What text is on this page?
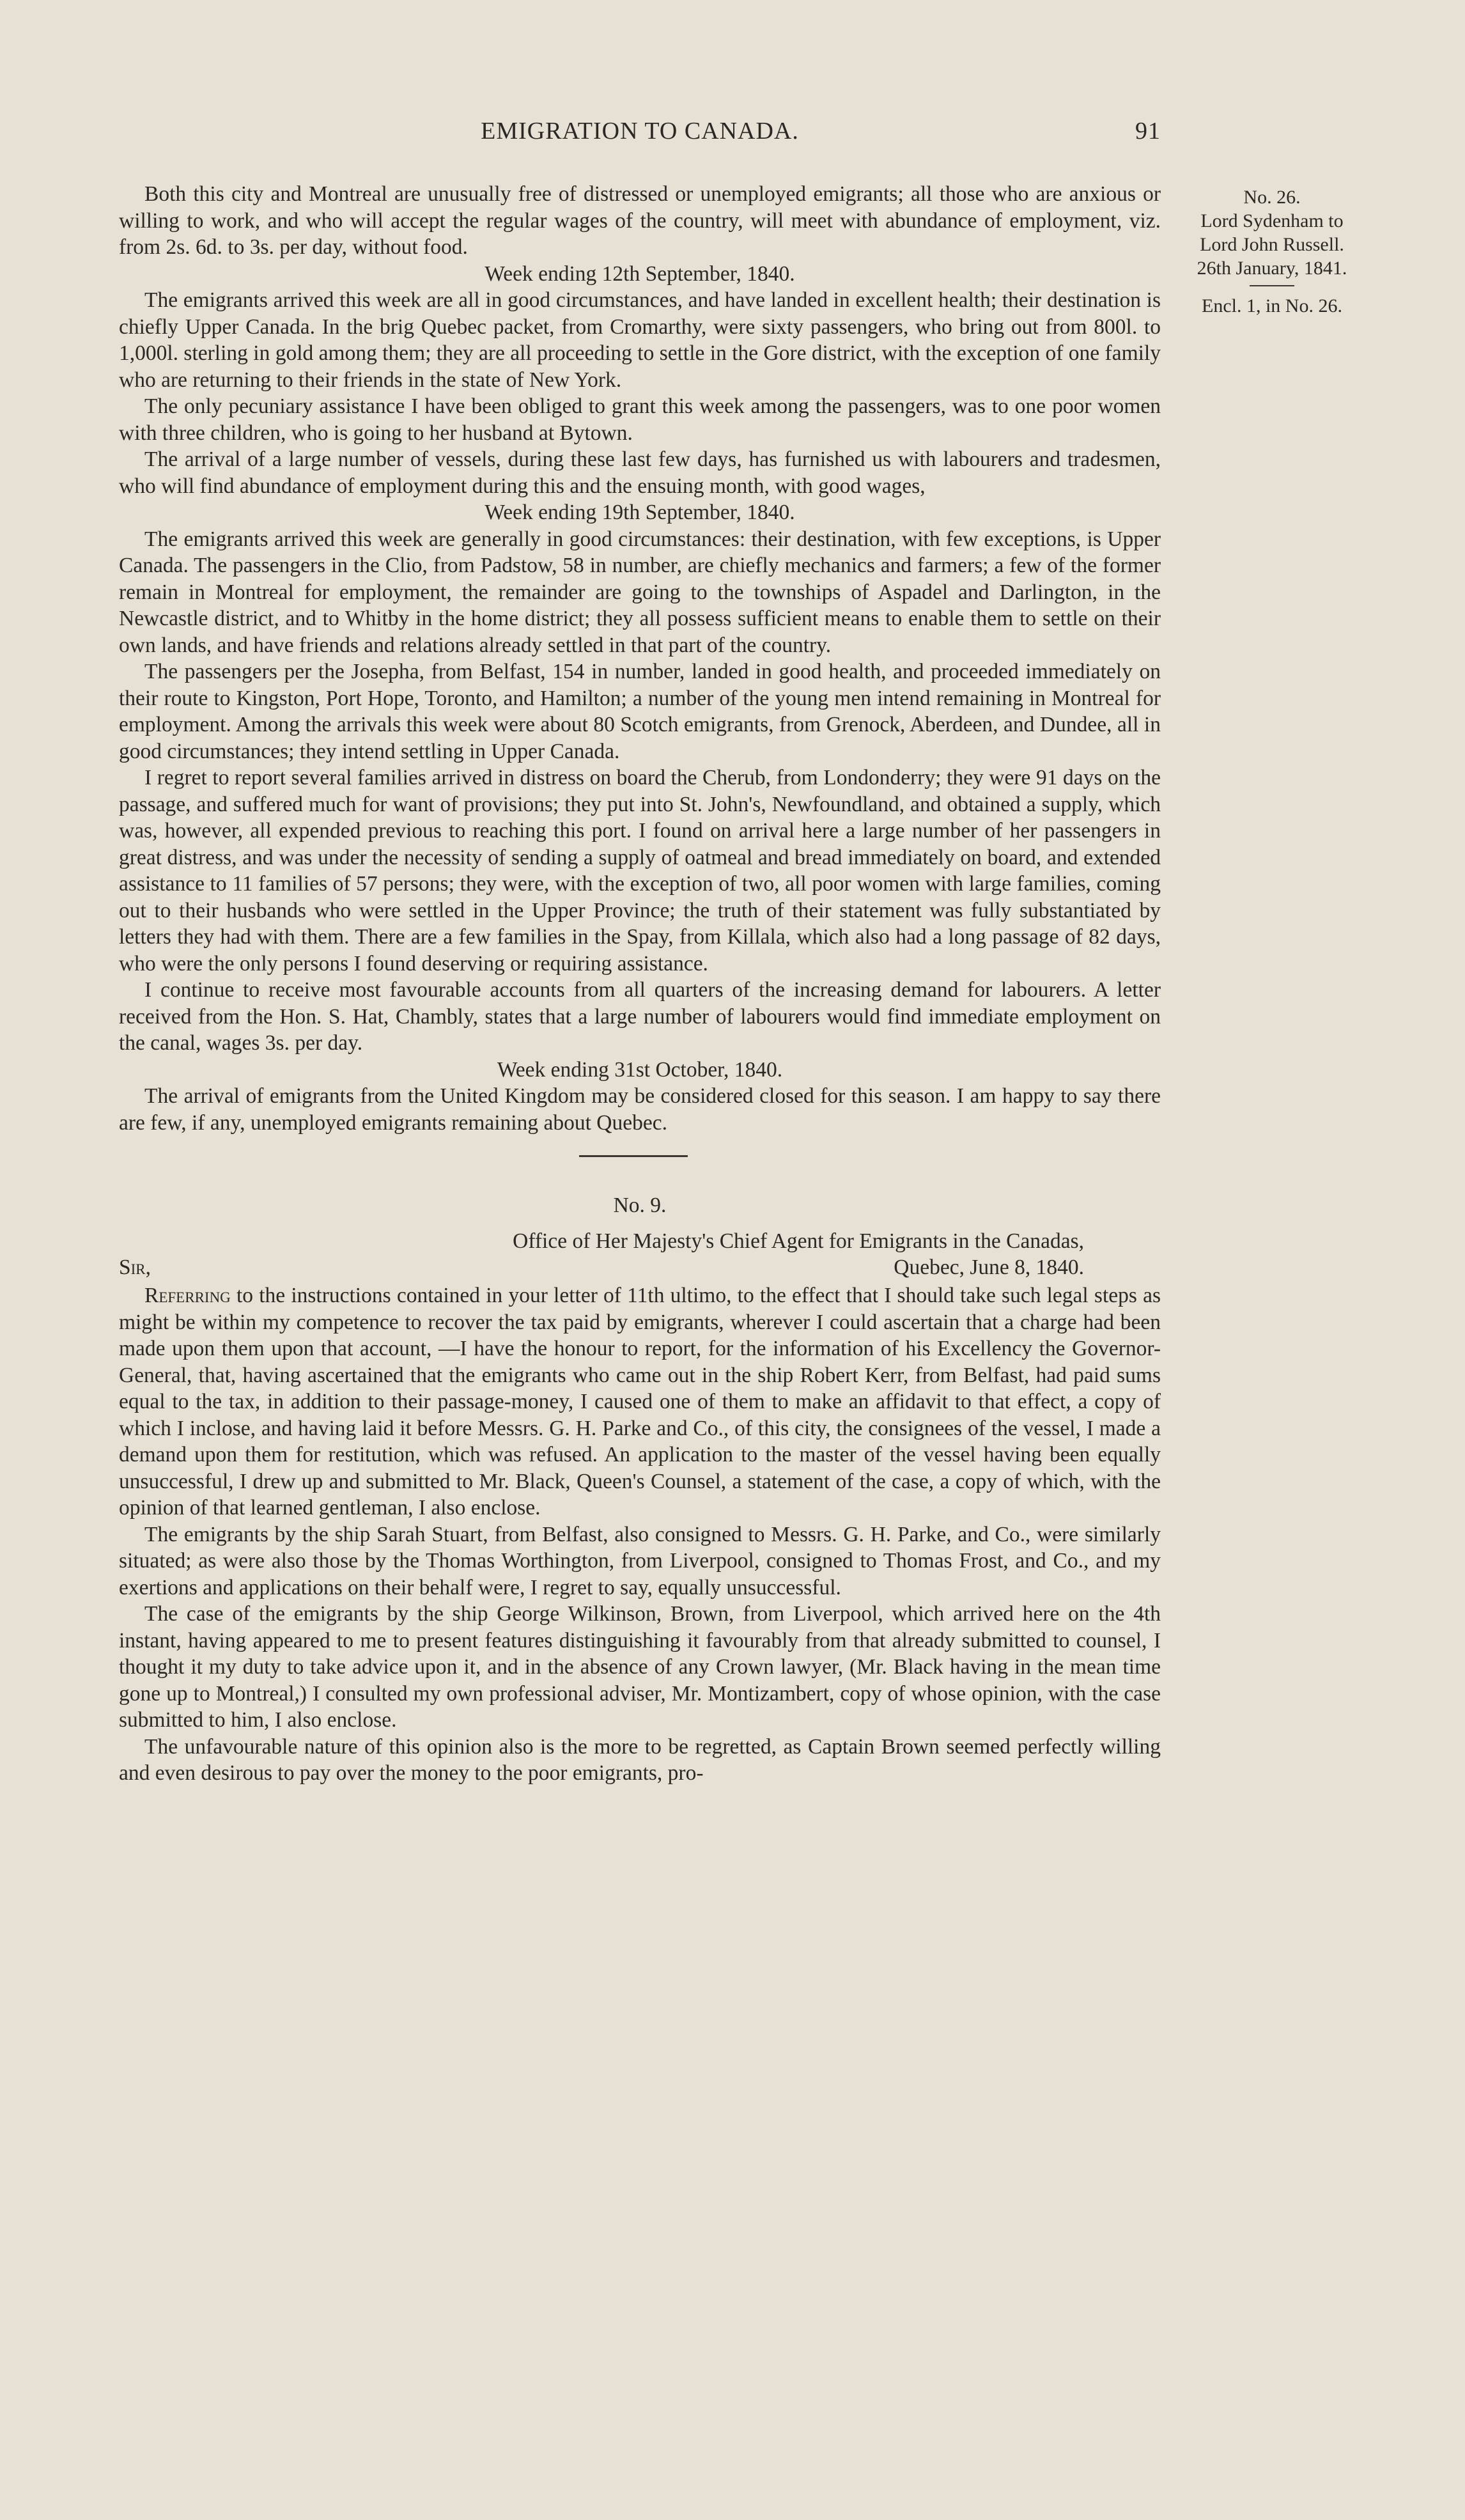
EMIGRATION TO CANADA.	91
No. 26.
Lord Sydenham to
Lord John Russell.
26th January, 1841.
Encl. 1, in No. 26.

Both this city and Montreal are unusually free of distressed or unemployed emigrants; all those who are anxious or willing to work, and who will accept the regular wages of the country, will meet with abundance of employment, viz. from 2s. 6d. to 3s. per day, without food.

Week ending 12th September, 1840.

The emigrants arrived this week are all in good circumstances, and have landed in excellent health; their destination is chiefly Upper Canada. In the brig Quebec packet, from Cromarthy, were sixty passengers, who bring out from 800l. to 1,000l. sterling in gold among them; they are all proceeding to settle in the Gore district, with the exception of one family who are returning to their friends in the state of New York.

The only pecuniary assistance I have been obliged to grant this week among the passengers, was to one poor women with three children, who is going to her husband at Bytown.

The arrival of a large number of vessels, during these last few days, has furnished us with labourers and tradesmen, who will find abundance of employment during this and the ensuing month, with good wages,

Week ending 19th September, 1840.

The emigrants arrived this week are generally in good circumstances: their destination, with few exceptions, is Upper Canada. The passengers in the Clio, from Padstow, 58 in number, are chiefly mechanics and farmers; a few of the former remain in Montreal for employment, the remainder are going to the townships of Aspadel and Darlington, in the Newcastle district, and to Whitby in the home district; they all possess sufficient means to enable them to settle on their own lands, and have friends and relations already settled in that part of the country.

The passengers per the Josepha, from Belfast, 154 in number, landed in good health, and proceeded immediately on their route to Kingston, Port Hope, Toronto, and Hamilton; a number of the young men intend remaining in Montreal for employment. Among the arrivals this week were about 80 Scotch emigrants, from Grenock, Aberdeen, and Dundee, all in good circumstances; they intend settling in Upper Canada.

I regret to report several families arrived in distress on board the Cherub, from Londonderry; they were 91 days on the passage, and suffered much for want of provisions; they put into St. John's, Newfoundland, and obtained a supply, which was, however, all expended previous to reaching this port. I found on arrival here a large number of her passengers in great distress, and was under the necessity of sending a supply of oatmeal and bread immediately on board, and extended assistance to 11 families of 57 persons; they were, with the exception of two, all poor women with large families, coming out to their husbands who were settled in the Upper Province; the truth of their statement was fully substantiated by letters they had with them. There are a few families in the Spay, from Killala, which also had a long passage of 82 days, who were the only persons I found deserving or requiring assistance.

I continue to receive most favourable accounts from all quarters of the increasing demand for labourers. A letter received from the Hon. S. Hat, Chambly, states that a large number of labourers would find immediate employment on the canal, wages 3s. per day.

Week ending 31st October, 1840.

The arrival of emigrants from the United Kingdom may be considered closed for this season. I am happy to say there are few, if any, unemployed emigrants remaining about Quebec.

No. 9.
Office of Her Majesty's Chief Agent for Emigrants in the Canadas,
Sir,	Quebec, June 8, 1840.

Referring to the instructions contained in your letter of 11th ultimo, to the effect that I should take such legal steps as might be within my competence to recover the tax paid by emigrants, wherever I could ascertain that a charge had been made upon them upon that account, —I have the honour to report, for the information of his Excellency the Governor-General, that, having ascertained that the emigrants who came out in the ship Robert Kerr, from Belfast, had paid sums equal to the tax, in addition to their passage-money, I caused one of them to make an affidavit to that effect, a copy of which I inclose, and having laid it before Messrs. G. H. Parke and Co., of this city, the consignees of the vessel, I made a demand upon them for restitution, which was refused. An application to the master of the vessel having been equally unsuccessful, I drew up and submitted to Mr. Black, Queen's Counsel, a statement of the case, a copy of which, with the opinion of that learned gentleman, I also enclose.

The emigrants by the ship Sarah Stuart, from Belfast, also consigned to Messrs. G. H. Parke, and Co., were similarly situated; as were also those by the Thomas Worthington, from Liverpool, consigned to Thomas Frost, and Co., and my exertions and applications on their behalf were, I regret to say, equally unsuccessful.

The case of the emigrants by the ship George Wilkinson, Brown, from Liverpool, which arrived here on the 4th instant, having appeared to me to present features distinguishing it favourably from that already submitted to counsel, I thought it my duty to take advice upon it, and in the absence of any Crown lawyer, (Mr. Black having in the mean time gone up to Montreal,) I consulted my own professional adviser, Mr. Montizambert, copy of whose opinion, with the case submitted to him, I also enclose.

The unfavourable nature of this opinion also is the more to be regretted, as Captain Brown seemed perfectly willing and even desirous to pay over the money to the poor emigrants, pro-
